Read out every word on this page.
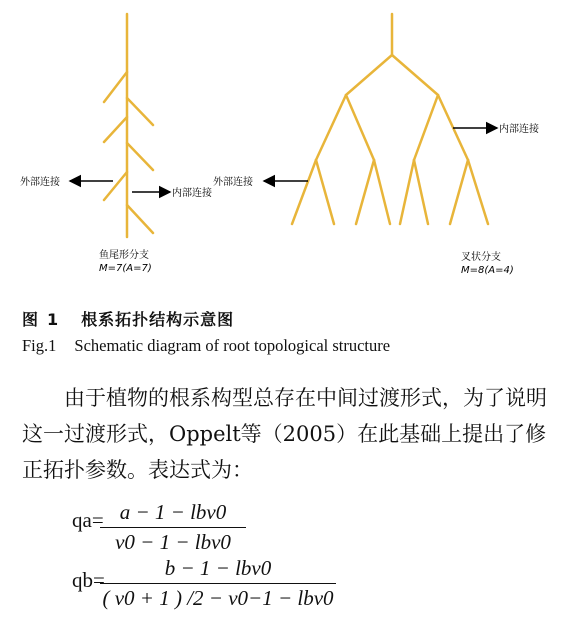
外部连接
内部连接
鱼尾形分支
M=7(A=7)
外部连接
内部连接
叉状分支
M=8(A=4)
图 1 根系拓扑结构示意图
Fig.1 Schematic diagram of root topological structure
由于植物的根系构型总存在中间过渡形式，为了说明这一过渡形式，Oppelt等（2005）在此基础上提出了修正拓扑参数。表达式为：
qa= a − 1 − lbv0
v0 − 1 − lbv0
qb=	b − 1 − lbv0
( v0 + 1 ) /2 − v0−1 − lbv0
